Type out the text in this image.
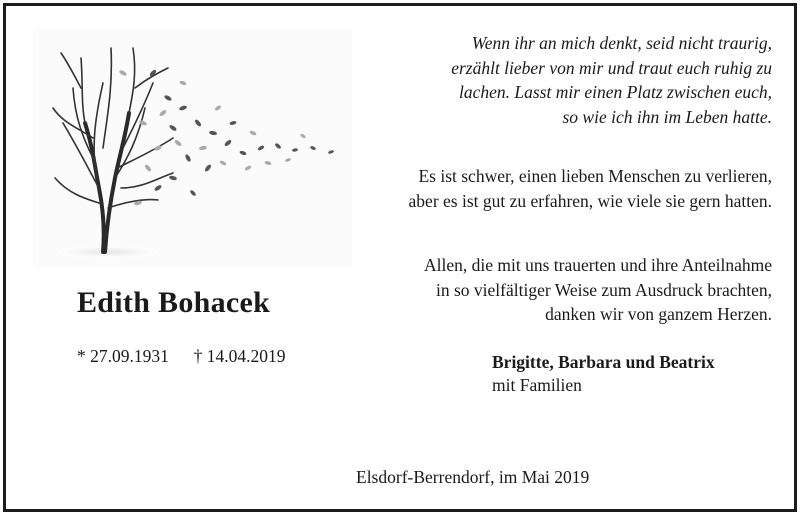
Wenn ihr an mich denkt, seid nicht traurig,
erzählt lieber von mir und traut euch ruhig zu
lachen. Lasst mir einen Platz zwischen euch,
so wie ich ihn im Leben hatte.
Es ist schwer, einen lieben Menschen zu verlieren,
aber es ist gut zu erfahren, wie viele sie gern hatten.
Allen, die mit uns trauerten und ihre Anteilnahme
in so vielfältiger Weise zum Ausdruck brachten,
danken wir von ganzem Herzen.
Edith Bohacek
* 27.09.1931 † 14.04.2019	Brigitte, Barbara und Beatrix
mit Familien
Elsdorf-Berrendorf, im Mai 2019
